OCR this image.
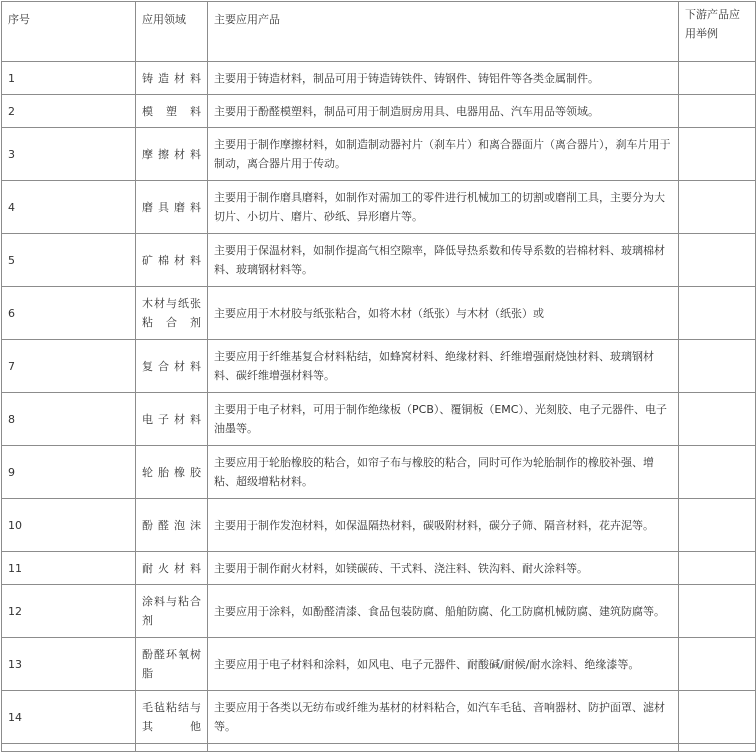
序号	应用领域	主要应用产品	下游产品应用举例
1	铸造材料	主要用于铸造材料，制品可用于铸造铸铁件、铸钢件、铸铝件等各类金属制件。	
2	模塑料	主要用于酚醛模塑料，制品可用于制造厨房用具、电器用品、汽车用品等领域。	
3	摩擦材料	主要用于制作摩擦材料，如制造制动器衬片（刹车片）和离合器面片（离合器片），刹车片用于制动，离合器片用于传动。	
4	磨具磨料	主要用于制作磨具磨料，如制作对需加工的零件进行机械加工的切割或磨削工具，主要分为大切片、小切片、磨片、砂纸、异形磨片等。	
5	矿棉材料	主要用于保温材料，如制作提高气相空隙率，降低导热系数和传导系数的岩棉材料、玻璃棉材料、玻璃钢材料等。	
6	木材与纸张粘合剂	主要应用于木材胶与纸张粘合，如将木材（纸张）与木材（纸张）或	
7	复合材料	主要应用于纤维基复合材料粘结，如蜂窝材料、绝缘材料、纤维增强耐烧蚀材料、玻璃钢材料、碳纤维增强材料等。	
8	电子材料	主要用于电子材料，可用于制作绝缘板（PCB）、覆铜板（EMC）、光刻胶、电子元器件、电子油墨等。	
9	轮胎橡胶	主要应用于轮胎橡胶的粘合，如帘子布与橡胶的粘合，同时可作为轮胎制作的橡胶补强、增粘、超级增粘材料。	
10	酚醛泡沫	主要用于制作发泡材料，如保温隔热材料，碳吸附材料，碳分子筛、隔音材料，花卉泥等。	
11	耐火材料	主要用于制作耐火材料，如镁碳砖、干式料、浇注料、铁沟料、耐火涂料等。	
12	涂料与粘合剂	主要应用于涂料，如酚醛清漆、食品包装防腐、船舶防腐、化工防腐机械防腐、建筑防腐等。	
13	酚醛环氧树脂	主要应用于电子材料和涂料，如风电、电子元器件、耐酸碱/耐候/耐水涂料、绝缘漆等。	
14	毛毡粘结与其他	主要应用于各类以无纺布或纤维为基材的材料粘合，如汽车毛毡、音响器材、防护面罩、滤材等。	
